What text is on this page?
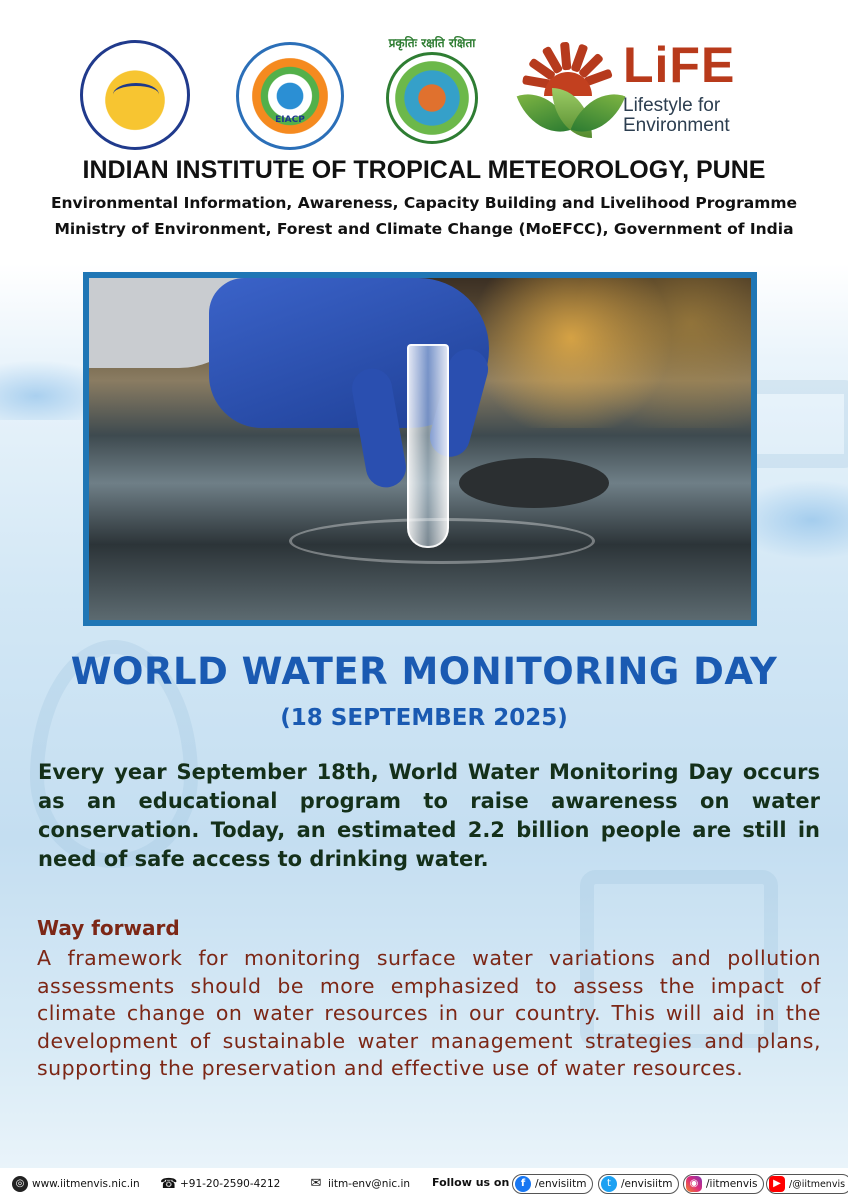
EIACP
प्रकृतिः रक्षति रक्षिता	LiFE
Lifestyle for
Environment
INDIAN INSTITUTE OF TROPICAL METEOROLOGY, PUNE
Environmental Information, Awareness, Capacity Building and Livelihood Programme
Ministry of Environment, Forest and Climate Change (MoEFCC), Government of India
WORLD WATER MONITORING DAY
(18 SEPTEMBER 2025)
Every year September 18th, World Water Monitoring Day occurs as an educational program to raise awareness on water conservation. Today, an estimated 2.2 billion people are still in need of safe access to drinking water.
Way forward
A framework for monitoring surface water variations and pollution assessments should be more emphasized to assess the impact of climate change on water resources in our country. This will aid in the development of sustainable water management strategies and plans, supporting the preservation and effective use of water resources.
◎ www.iitmenvis.nic.in ☎ +91-20-2590-4212 ✉ iitm-env@nic.in Follow us on	f /envisiitm	t /envisiitm	◉ /iitmenvis	▶ /@iitmenvis
